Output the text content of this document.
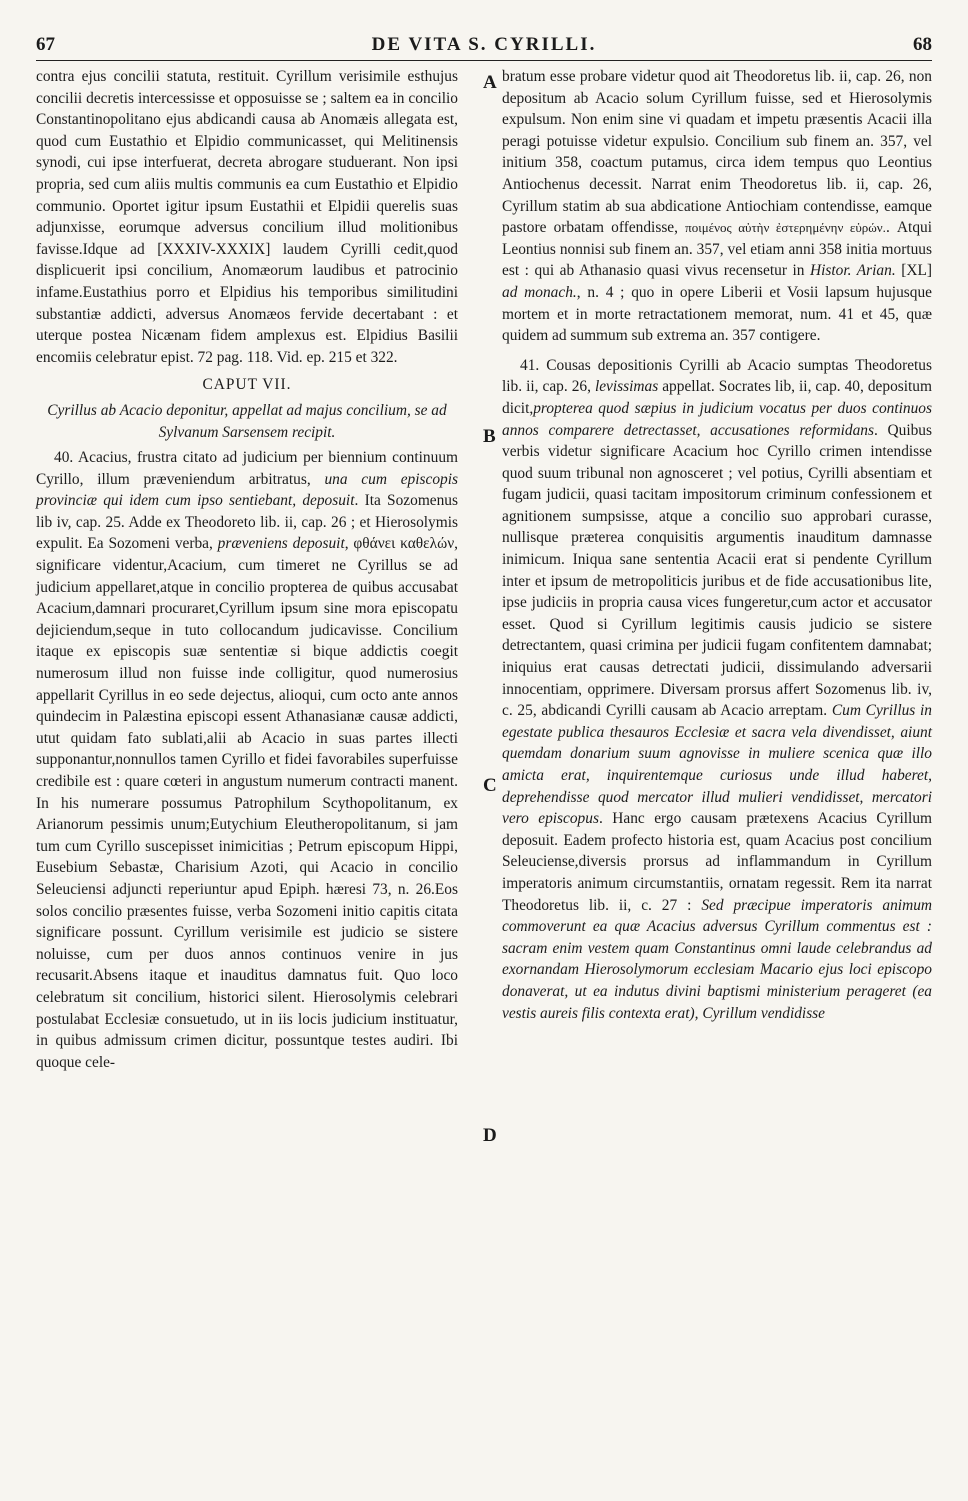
67	DE VITA S. CYRILLI.	68
A
B
C
D

contra ejus concilii statuta, restituit. Cyrillum verisimile esthujus concilii decretis intercessisse et opposuisse se ; saltem ea in concilio Constantinopolitano ejus abdicandi causa ab Anomæis allegata est, quod cum Eustathio et Elpidio communicasset, qui Melitinensis synodi, cui ipse interfuerat, decreta abrogare studuerant. Non ipsi propria, sed cum aliis multis communis ea cum Eustathio et Elpidio communio. Oportet igitur ipsum Eustathii et Elpidii querelis suas adjunxisse, eorumque adversus concilium illud molitionibus favisse.Idque ad [XXXIV-XXXIX] laudem Cyrilli cedit,quod displicuerit ipsi concilium, Anomæorum laudibus et patrocinio infame.Eustathius porro et Elpidius his temporibus similitudini substantiæ addicti, adversus Anomæos fervide decertabant : et uterque postea Nicænam fidem amplexus est. Elpidius Basilii encomiis celebratur epist. 72 pag. 118. Vid. ep. 215 et 322.

CAPUT VII.
Cyrillus ab Acacio deponitur, appellat ad majus concilium, se ad Sylvanum Sarsensem recipit.

40. Acacius, frustra citato ad judicium per biennium continuum Cyrillo, illum præveniendum arbitratus, una cum episcopis provinciæ qui idem cum ipso sentiebant, deposuit. Ita Sozomenus lib iv, cap. 25. Adde ex Theodoreto lib. ii, cap. 26 ; et Hierosolymis expulit. Ea Sozomeni verba, præveniens deposuit, φθάνει καθελών, significare videntur,Acacium, cum timeret ne Cyrillus se ad judicium appellaret,atque in concilio propterea de quibus accusabat Acacium,damnari procuraret,Cyrillum ipsum sine mora episcopatu dejiciendum,seque in tuto collocandum judicavisse. Concilium itaque ex episcopis suæ sententiæ si bique addictis coegit numerosum illud non fuisse inde colligitur, quod numerosius appellarit Cyrillus in eo sede dejectus, alioqui, cum octo ante annos quindecim in Palæstina episcopi essent Athanasianæ causæ addicti, utut quidam fato sublati,alii ab Acacio in suas partes illecti supponantur,nonnullos tamen Cyrillo et fidei favorabiles superfuisse credibile est : quare cœteri in angustum numerum contracti manent. In his numerare possumus Patrophilum Scythopolitanum, ex Arianorum pessimis unum;Eutychium Eleutheropolitanum, si jam tum cum Cyrillo suscepisset inimicitias ; Petrum episcopum Hippi, Eusebium Sebastæ, Charisium Azoti, qui Acacio in concilio Seleuciensi adjuncti reperiuntur apud Epiph. hæresi 73, n. 26.Eos solos concilio præsentes fuisse, verba Sozomeni initio capitis citata significare possunt. Cyrillum verisimile est judicio se sistere noluisse, cum per duos annos continuos venire in jus recusarit.Absens itaque et inauditus damnatus fuit. Quo loco celebratum sit concilium, historici silent. Hierosolymis celebrari postulabat Ecclesiæ consuetudo, ut in iis locis judicium instituatur, in quibus admissum crimen dicitur, possuntque testes audiri. Ibi quoque cele-

bratum esse probare videtur quod ait Theodoretus lib. ii, cap. 26, non depositum ab Acacio solum Cyrillum fuisse, sed et Hierosolymis expulsum. Non enim sine vi quadam et impetu præsentis Acacii illa peragi potuisse videtur expulsio. Concilium sub finem an. 357, vel initium 358, coactum putamus, circa idem tempus quo Leontius Antiochenus decessit. Narrat enim Theodoretus lib. ii, cap. 26, Cyrillum statim ab sua abdicatione Antiochiam contendisse, eamque pastore orbatam offendisse, ποιμένος αὐτὴν ἐστερημένην εὑρών.. Atqui Leontius nonnisi sub finem an. 357, vel etiam anni 358 initia mortuus est : qui ab Athanasio quasi vivus recensetur in Histor. Arian. [XL] ad monach., n. 4 ; quo in opere Liberii et Vosii lapsum hujusque mortem et in morte retractationem memorat, num. 41 et 45, quæ quidem ad summum sub extrema an. 357 contigere.

41. Cousas depositionis Cyrilli ab Acacio sumptas Theodoretus lib. ii, cap. 26, levissimas appellat. Socrates lib, ii, cap. 40, depositum dicit,propterea quod sæpius in judicium vocatus per duos continuos annos comparere detrectasset, accusationes reformidans. Quibus verbis videtur significare Acacium hoc Cyrillo crimen intendisse quod suum tribunal non agnosceret ; vel potius, Cyrilli absentiam et fugam judicii, quasi tacitam impositorum criminum confessionem et agnitionem sumpsisse, atque a concilio suo approbari curasse, nullisque præterea conquisitis argumentis inauditum damnasse inimicum. Iniqua sane sententia Acacii erat si pendente Cyrillum inter et ipsum de metropoliticis juribus et de fide accusationibus lite, ipse judiciis in propria causa vices fungeretur,cum actor et accusator esset. Quod si Cyrillum legitimis causis judicio se sistere detrectantem, quasi crimina per judicii fugam confitentem damnabat; iniquius erat causas detrectati judicii, dissimulando adversarii innocentiam, opprimere. Diversam prorsus affert Sozomenus lib. iv, c. 25, abdicandi Cyrilli causam ab Acacio arreptam. Cum Cyrillus in egestate publica thesauros Ecclesiæ et sacra vela divendisset, aiunt quemdam donarium suum agnovisse in muliere scenica quæ illo amicta erat, inquirentemque curiosus unde illud haberet, deprehendisse quod mercator illud mulieri vendidisset, mercatori vero episcopus. Hanc ergo causam prætexens Acacius Cyrillum deposuit. Eadem profecto historia est, quam Acacius post concilium Seleuciense,diversis prorsus ad inflammandum in Cyrillum imperatoris animum circumstantiis, ornatam regessit. Rem ita narrat Theodoretus lib. ii, c. 27 : Sed præcipue imperatoris animum commoverunt ea quæ Acacius adversus Cyrillum commentus est : sacram enim vestem quam Constantinus omni laude celebrandus ad exornandam Hierosolymorum ecclesiam Macario ejus loci episcopo donaverat, ut ea indutus divini baptismi ministerium perageret (ea vestis aureis filis contexta erat), Cyrillum vendidisse
